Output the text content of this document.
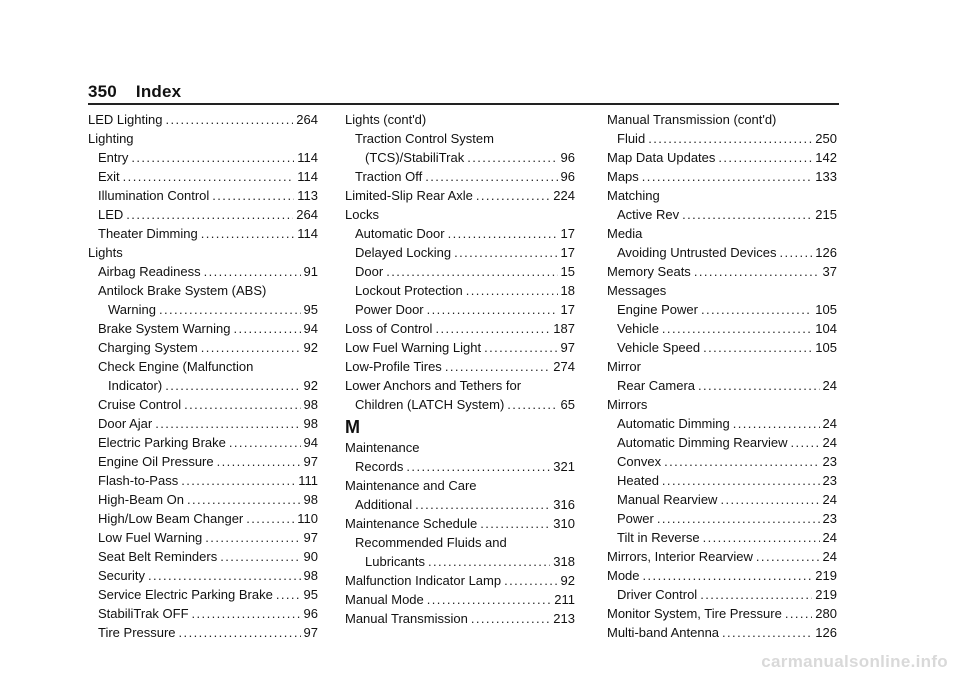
350 Index
LED Lighting .....	264
Lighting
Entry .....	114
Exit .....	114
Illumination Control .....	113
LED .....	264
Theater Dimming .....	114
Lights
Airbag Readiness .....	91
Antilock Brake System (ABS)
Warning .....	95
Brake System Warning .....	94
Charging System .....	92
Check Engine (Malfunction
Indicator) .....	92
Cruise Control .....	98
Door Ajar .....	98
Electric Parking Brake .....	94
Engine Oil Pressure .....	97
Flash-to-Pass .....	111
High-Beam On .....	98
High/Low Beam Changer .....	110
Low Fuel Warning .....	97
Seat Belt Reminders .....	90
Security .....	98
Service Electric Parking Brake ..... 95
StabiliTrak OFF .....	96
Tire Pressure .....	97
Lights (cont'd)
Traction Control System
(TCS)/StabiliTrak .....	96
Traction Off .....	96
Limited-Slip Rear Axle .....	224
Locks
Automatic Door .....	17
Delayed Locking .....	17
Door .....	15
Lockout Protection .....	18
Power Door .....	17
Loss of Control .....	187
Low Fuel Warning Light .....	97
Low-Profile Tires .....	274
Lower Anchors and Tethers for
Children (LATCH System) .....	65
M
Maintenance
Records .....	321
Maintenance and Care
Additional .....	316
Maintenance Schedule .....	310
Recommended Fluids and
Lubricants .....	318
Malfunction Indicator Lamp .....	92
Manual Mode .....	211
Manual Transmission .....	213
Manual Transmission (cont'd)
Fluid .....	250
Map Data Updates .....	142
Maps .....	133
Matching
Active Rev .....	215
Media
Avoiding Untrusted Devices .....	126
Memory Seats .....	37
Messages
Engine Power .....	105
Vehicle .....	104
Vehicle Speed .....	105
Mirror
Rear Camera .....	24
Mirrors
Automatic Dimming .....	24
Automatic Dimming Rearview .....	24
Convex .....	23
Heated .....	23
Manual Rearview .....	24
Power .....	23
Tilt in Reverse .....	24
Mirrors, Interior Rearview .....	24
Mode .....	219
Driver Control .....	219
Monitor System, Tire Pressure .....	280
Multi-band Antenna .....	126
carmanualsonline.info
